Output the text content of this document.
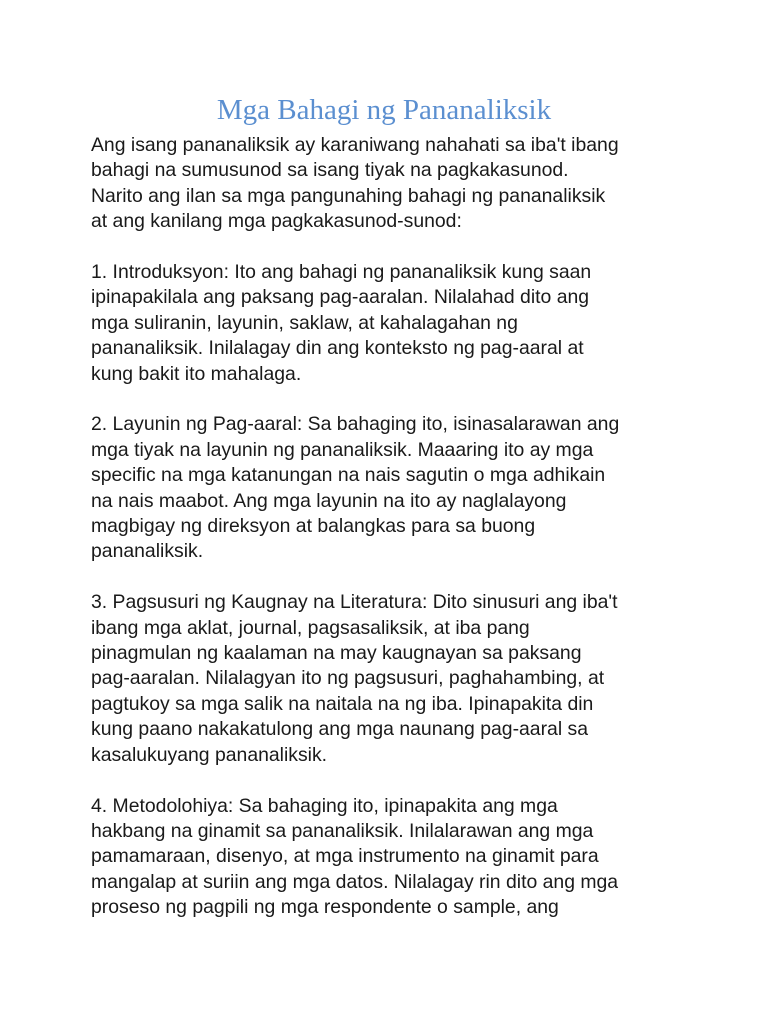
Mga Bahagi ng Pananaliksik

Ang isang pananaliksik ay karaniwang nahahati sa iba't ibang
bahagi na sumusunod sa isang tiyak na pagkakasunod.
Narito ang ilan sa mga pangunahing bahagi ng pananaliksik
at ang kanilang mga pagkakasunod-sunod:

1. Introduksyon: Ito ang bahagi ng pananaliksik kung saan
ipinapakilala ang paksang pag-aaralan. Nilalahad dito ang
mga suliranin, layunin, saklaw, at kahalagahan ng
pananaliksik. Inilalagay din ang konteksto ng pag-aaral at
kung bakit ito mahalaga.

2. Layunin ng Pag-aaral: Sa bahaging ito, isinasalarawan ang
mga tiyak na layunin ng pananaliksik. Maaaring ito ay mga
specific na mga katanungan na nais sagutin o mga adhikain
na nais maabot. Ang mga layunin na ito ay naglalayong
magbigay ng direksyon at balangkas para sa buong
pananaliksik.

3. Pagsusuri ng Kaugnay na Literatura: Dito sinusuri ang iba't
ibang mga aklat, journal, pagsasaliksik, at iba pang
pinagmulan ng kaalaman na may kaugnayan sa paksang
pag-aaralan. Nilalagyan ito ng pagsusuri, paghahambing, at
pagtukoy sa mga salik na naitala na ng iba. Ipinapakita din
kung paano nakakatulong ang mga naunang pag-aaral sa
kasalukuyang pananaliksik.

4. Metodolohiya: Sa bahaging ito, ipinapakita ang mga
hakbang na ginamit sa pananaliksik. Inilalarawan ang mga
pamamaraan, disenyo, at mga instrumento na ginamit para
mangalap at suriin ang mga datos. Nilalagay rin dito ang mga
proseso ng pagpili ng mga respondente o sample, ang
